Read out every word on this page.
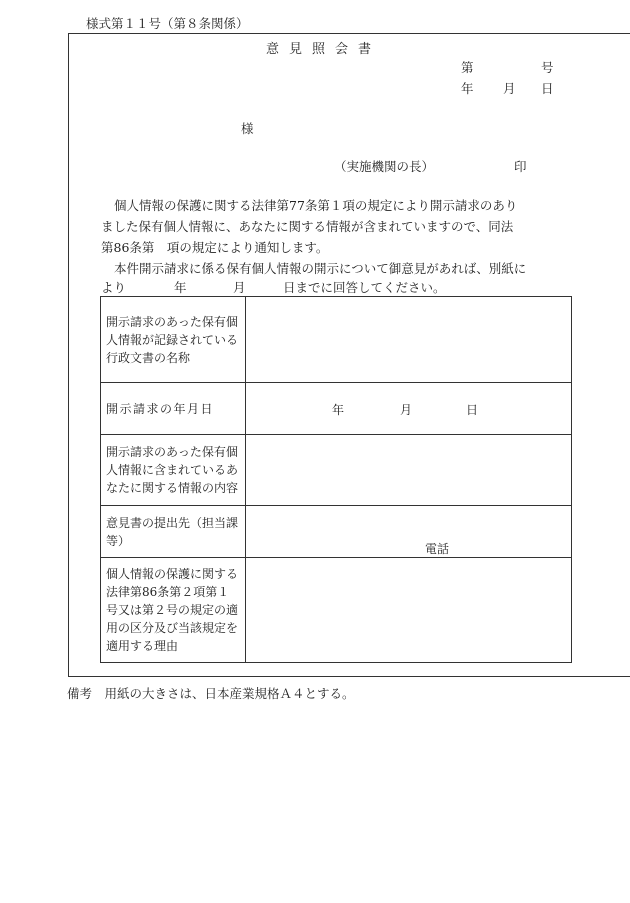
様式第１１号（第８条関係）
意見照会書
第	号
年 月 日
様
（実施機関の長）	印
個人情報の保護に関する法律第77条第１項の規定により開示請求のあり
ました保有個人情報に、あなたに関する情報が含まれていますので、同法
第86条第　項の規定により通知します。
本件開示請求に係る保有個人情報の開示について御意見があれば、別紙に
より	年	月	日までに回答してください。
開示請求のあった保有個人情報が記録されている行政文書の名称	
開示請求の年月日	年 月 日

開示請求のあった保有個人情報に含まれているあなたに関する情報の内容	
意見書の提出先（担当課等）	電話

個人情報の保護に関する法律第86条第２項第１号又は第２号の規定の適用の区分及び当該規定を適用する理由	
備考　用紙の大きさは、日本産業規格Ａ４とする。
